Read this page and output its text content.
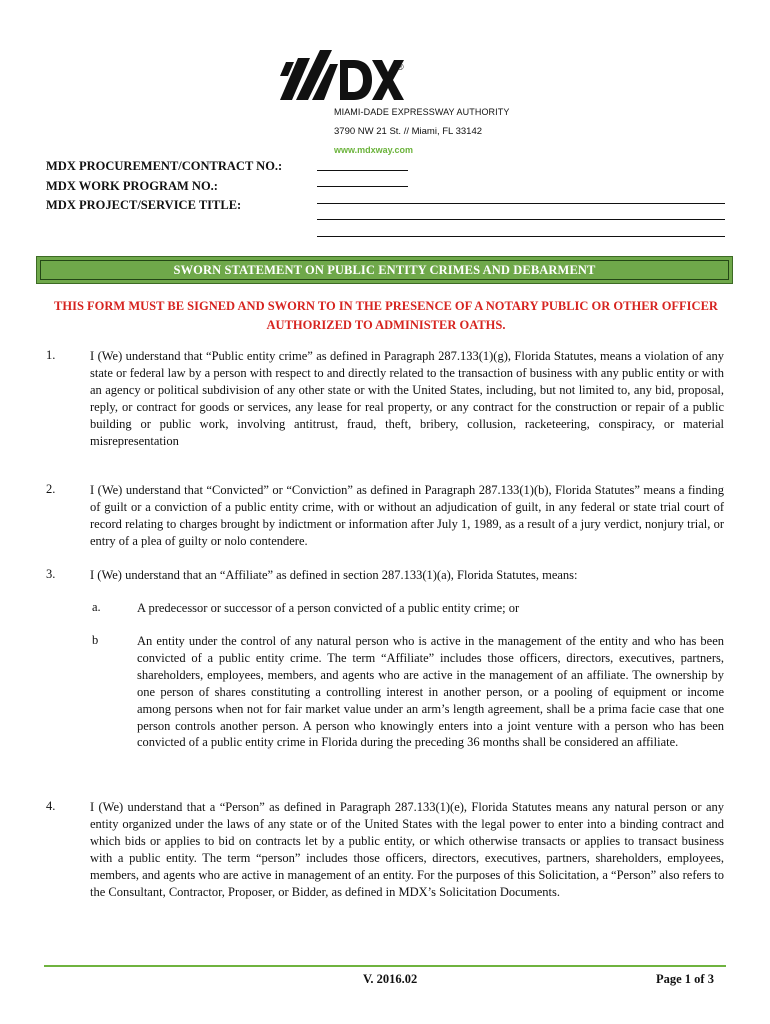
®
MIAMI-DADE EXPRESSWAY AUTHORITY
3790 NW 21 St. // Miami, FL 33142
www.mdxway.com
MDX PROCUREMENT/CONTRACT NO.:
MDX WORK PROGRAM NO.:
MDX PROJECT/SERVICE TITLE:
SWORN STATEMENT ON PUBLIC ENTITY CRIMES AND DEBARMENT
THIS FORM MUST BE SIGNED AND SWORN TO IN THE PRESENCE OF A NOTARY PUBLIC OR OTHER OFFICER AUTHORIZED TO ADMINISTER OATHS.
1.	I (We) understand that “Public entity crime” as defined in Paragraph 287.133(1)(g), Florida Statutes, means a violation of any state or federal law by a person with respect to and directly related to the transaction of business with any public entity or with an agency or political subdivision of any other state or with the United States, including, but not limited to, any bid, proposal, reply, or contract for goods or services, any lease for real property, or any contract for the construction or repair of a public building or public work, involving antitrust, fraud, theft, bribery, collusion, racketeering, conspiracy, or material misrepresentation
2.	I (We) understand that “Convicted” or “Conviction” as defined in Paragraph 287.133(1)(b), Florida Statutes” means a finding of guilt or a conviction of a public entity crime, with or without an adjudication of guilt, in any federal or state trial court of record relating to charges brought by indictment or information after July 1, 1989, as a result of a jury verdict, nonjury trial, or entry of a plea of guilty or nolo contendere.
3.	I (We) understand that an “Affiliate” as defined in section 287.133(1)(a), Florida Statutes, means:
a.	A predecessor or successor of a person convicted of a public entity crime; or
b	An entity under the control of any natural person who is active in the management of the entity and who has been convicted of a public entity crime. The term “Affiliate” includes those officers, directors, executives, partners, shareholders, employees, members, and agents who are active in the management of an affiliate. The ownership by one person of shares constituting a controlling interest in another person, or a pooling of equipment or income among persons when not for fair market value under an arm’s length agreement, shall be a prima facie case that one person controls another person. A person who knowingly enters into a joint venture with a person who has been convicted of a public entity crime in Florida during the preceding 36 months shall be considered an affiliate.
4.	I (We) understand that a “Person” as defined in Paragraph 287.133(1)(e), Florida Statutes means any natural person or any entity organized under the laws of any state or of the United States with the legal power to enter into a binding contract and which bids or applies to bid on contracts let by a public entity, or which otherwise transacts or applies to transact business with a public entity. The term “person” includes those officers, directors, executives, partners, shareholders, employees, members, and agents who are active in management of an entity. For the purposes of this Solicitation, a “Person” also refers to the Consultant, Contractor, Proposer, or Bidder, as defined in MDX’s Solicitation Documents.
V. 2016.02	Page 1 of 3
